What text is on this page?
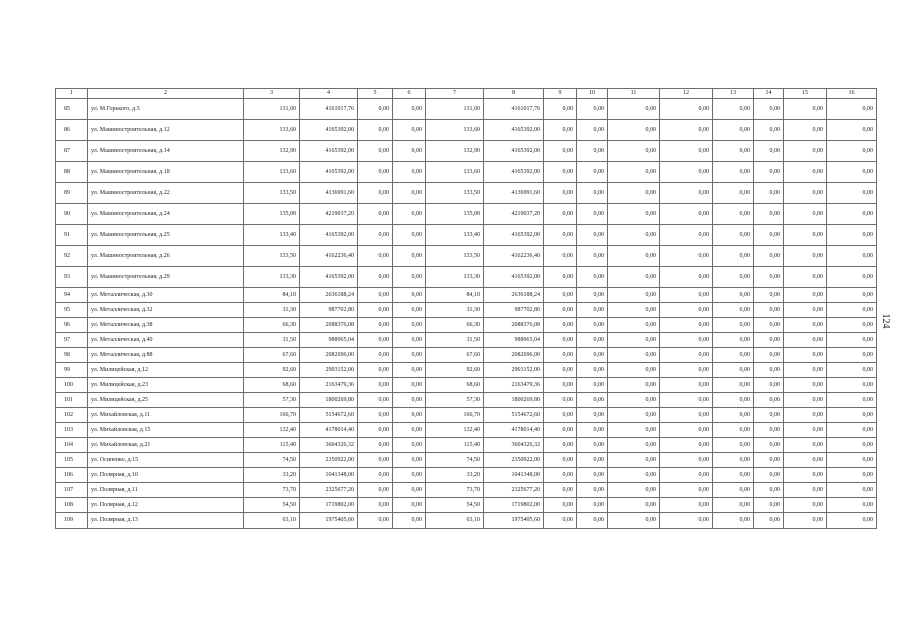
1	2	3	4	5	6	7	8	9	10	11	12	13	14	15	16
85	ул. М.Горького, д.5	131,00	4161017,76	0,00	0,00	131,00	4161017,76	0,00	0,00	0,00	0,00	0,00	0,00	0,00	0,00
86	ул. Машиностроительная, д.12	133,60	4165392,00	0,00	0,00	133,60	4165392,00	0,00	0,00	0,00	0,00	0,00	0,00	0,00	0,00
87	ул. Машиностроительная, д.14	132,90	4165392,00	0,00	0,00	132,90	4165392,00	0,00	0,00	0,00	0,00	0,00	0,00	0,00	0,00
88	ул. Машиностроительная, д.18	133,60	4165392,00	0,00	0,00	133,60	4165392,00	0,00	0,00	0,00	0,00	0,00	0,00	0,00	0,00
89	ул. Машиностроительная, д.22	133,50	4136991,60	0,00	0,00	133,50	4136991,60	0,00	0,00	0,00	0,00	0,00	0,00	0,00	0,00
90	ул. Машиностроительная, д.24	135,00	4219037,20	0,00	0,00	135,00	4219037,20	0,00	0,00	0,00	0,00	0,00	0,00	0,00	0,00
91	ул. Машиностроительная, д.25	133,40	4165392,00	0,00	0,00	133,40	4165392,00	0,00	0,00	0,00	0,00	0,00	0,00	0,00	0,00
92	ул. Машиностроительная, д.26	133,50	4162236,40	0,00	0,00	133,50	4162236,40	0,00	0,00	0,00	0,00	0,00	0,00	0,00	0,00
93	ул. Машиностроительная, д.29	133,30	4165392,00	0,00	0,00	133,30	4165392,00	0,00	0,00	0,00	0,00	0,00	0,00	0,00	0,00
94	ул. Металлическая, д.30	84,10	2636188,24	0,00	0,00	84,10	2636188,24	0,00	0,00	0,00	0,00	0,00	0,00	0,00	0,00
95	ул. Металлическая, д.32	31,30	987702,80	0,00	0,00	31,30	987702,80	0,00	0,00	0,00	0,00	0,00	0,00	0,00	0,00
96	ул. Металлическая, д.38	66,30	2088376,08	0,00	0,00	66,30	2088376,08	0,00	0,00	0,00	0,00	0,00	0,00	0,00	0,00
97	ул. Металлическая, д.40	31,50	988965,04	0,00	0,00	31,50	988965,04	0,00	0,00	0,00	0,00	0,00	0,00	0,00	0,00
98	ул. Металлическая, д.88	67,60	2082696,00	0,00	0,00	67,60	2082696,00	0,00	0,00	0,00	0,00	0,00	0,00	0,00	0,00
99	ул. Милицейская, д.12	92,60	2903152,00	0,00	0,00	92,60	2903152,00	0,00	0,00	0,00	0,00	0,00	0,00	0,00	0,00
100	ул. Милицейская, д.23	68,60	2163479,36	0,00	0,00	68,60	2163479,36	0,00	0,00	0,00	0,00	0,00	0,00	0,00	0,00
101	ул. Милицейская, д.25	57,30	1800269,80	0,00	0,00	57,30	1800269,80	0,00	0,00	0,00	0,00	0,00	0,00	0,00	0,00
102	ул. Михайловская, д.11	166,70	5154672,60	0,00	0,00	166,70	5154672,60	0,00	0,00	0,00	0,00	0,00	0,00	0,00	0,00
103	ул. Михайловская, д.15	132,40	4178014,40	0,00	0,00	132,40	4178014,40	0,00	0,00	0,00	0,00	0,00	0,00	0,00	0,00
104	ул. Михайловская, д.21	115,40	3604326,32	0,00	0,00	115,40	3604326,32	0,00	0,00	0,00	0,00	0,00	0,00	0,00	0,00
105	ул. Осипенко, д.15	74,50	2350922,00	0,00	0,00	74,50	2350922,00	0,00	0,00	0,00	0,00	0,00	0,00	0,00	0,00
106	ул. Полярная, д.10	33,20	1041348,00	0,00	0,00	33,20	1041348,00	0,00	0,00	0,00	0,00	0,00	0,00	0,00	0,00
107	ул. Полярная, д.11	73,70	2325677,20	0,00	0,00	73,70	2325677,20	0,00	0,00	0,00	0,00	0,00	0,00	0,00	0,00
108	ул. Полярная, д.12	54,50	1719802,00	0,00	0,00	54,50	1719802,00	0,00	0,00	0,00	0,00	0,00	0,00	0,00	0,00
109	ул. Полярная, д.13	63,10	1975405,60	0,00	0,00	63,10	1975405,60	0,00	0,00	0,00	0,00	0,00	0,00	0,00	0,00
124
